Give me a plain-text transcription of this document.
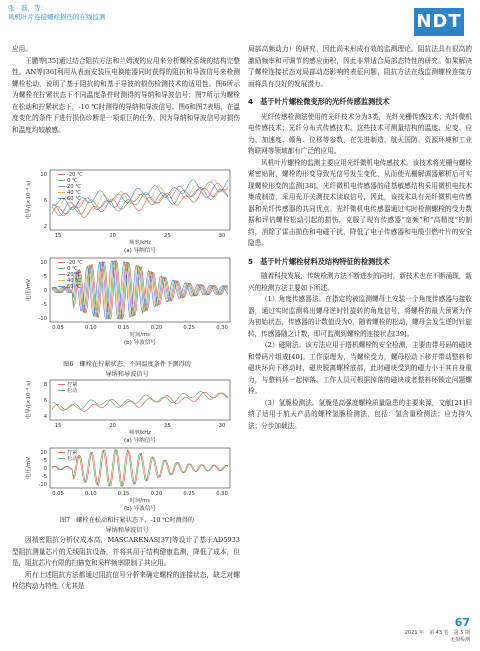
张　磊，等：
风机叶片连接螺栓损伤的在线监测	NDT

应用。

王鹏等[35]通过结合阻抗方法和兰姆波的应用来分析螺栓系统的结构完整性。AN等[36]利用从表面安装压电换能器同时获得的阻抗和导波信号来检测螺栓松动，说明了基于阻抗的和基于导波的损伤检测技术的适用性。图6所示为螺栓在拧紧状态下不同温度条件时测得的导纳和导波信号；图7所示为螺栓在松动和拧紧状态下，-10 ℃时测得的导纳和导波信号。图6和图7表明，在温度变化的条件下进行损伤诊断是一项艰巨的任务，因为导纳和导波信号对损伤和温度均较敏感。

电导/(×10⁻⁴ s)
10
6
2
15	20	25	30
频率/kHz
(a) 导纳信号
-20 ℃
0 ℃
20 ℃
40 ℃
60 ℃
电压/mV
10
5
0
-5
-10
0.05	0.10	0.15	0.20	0.25	0.30
时间/ms
(b) 导波信号
-20 ℃
0 ℃
20 ℃
40 ℃
60 ℃
图6　螺栓在拧紧状态、不同温度条件下测得的
导纳和导波信号
电导/(×10⁻⁴ s) 8
6
4
15	20	25	30
频率/kHz
(a) 导纳信号
拧紧
松动
电压/mV
10
5
0
-5
-10
0.05	0.10	0.15	0.20	0.25	0.30
时间/ms
(b) 导波信号
拧紧
松动
图7　螺栓在松动和拧紧状态下，-10 ℃时测得的
导纳和导波信号

因精密阻抗分析仪成本高，MASCARENAS[37]等设计了基于AD5933型阻抗测量芯片的无线阻抗设备，并将其用于结构健康监测，降低了成本，但是，阻抗芯片有限的扫描宽和采样频率限制了其应用。

所有上述阻抗方法都通过阻抗信号分析来确定螺栓的连接状态，缺乏对螺栓结构动力特性（尤其是

局部高频动力）的研究，因此尚未形成有效的监测理论。阻抗法具有很高的激励频率和可调节的感应面积，因此非常适合局部态特性的研究。如果解决了螺栓连接状态对局部动态影响的表征问题，阻抗方法在线监测螺栓连接方面将具有良好的发展潜力。

4　基于叶片螺栓微变形的光纤传感监测技术

光纤传感检测法使用的光纤技术分为3类，光纤光栅传感技术；光纤微机电传感技术；光纤分布式传感技术。这些技术可测量结构的温度、应变、应力、加速度、倾角、位移等参数，在先进制造、航天国防、资源环境和工业物联网等领域都有广泛的应用。

风机叶片螺栓的监测主要应用光纤微机电传感技术。该技术将光栅与螺栓紧密贴附，螺栓的形变导致光信号发生变化，从而使光栅解调器解析后可实现螺栓形变的监测[38]。光纤微机电传感器的硅基敏感结构采用微机电技术集成制造，采用光开关测技术读取信号，因此，该技术具有光纤微机电传感器和光纤传感器的共同优点。光纤微机电传感器通过实时检测螺栓的受力数据和评估螺栓松动引起的损伤，克服了现有传感器“宽频”和“高精度”的制约，消除了雷击损伤和电磁干扰，降低了电子传感器和电缆引燃叶片的安全隐患。

5　基于叶片螺栓材料及结构特征的检测技术

随着科技发展，传统检测方法不断进步的同时，新技术也在不断涌现，新兴的检测方法主要如下所述。

（1）角度传感器法。在指定的被监测螺母上安装一个角度传感器与接收器，通过实时监测将出螺母逆时针旋转的角度信号，将螺栓的最大预紧力作为初始状态，传感器的计数值设为0，随着螺栓的松动，螺母会发生逆时针旋转，传感器随之计数，即可监测到螺栓的连接状态[39]。

（2）磁附法。该方法应用于塔机螺栓的安全检测，主要由带号码的磁块和带码片组成[40]。工作原理为，当螺栓受力，螺母松动下移并带动整料和磁块环向下移动时，磁块脱离螺栓底部，此时磁块受到的磁力小于其自身重力，与整料环一起掉落。工作人员可根据掉落的磁块或者整料环锁定问题螺栓。

（3）氢脆检测法。氢脆是高强度螺栓质量隐患的主要来源，文献[21]归纳了适用于航天产品的螺栓氢脆检测法，包括：氢含量检测法；应力持久法；分步加载法。

67
2021 年　第 43 卷　第 5 期
无损检测
